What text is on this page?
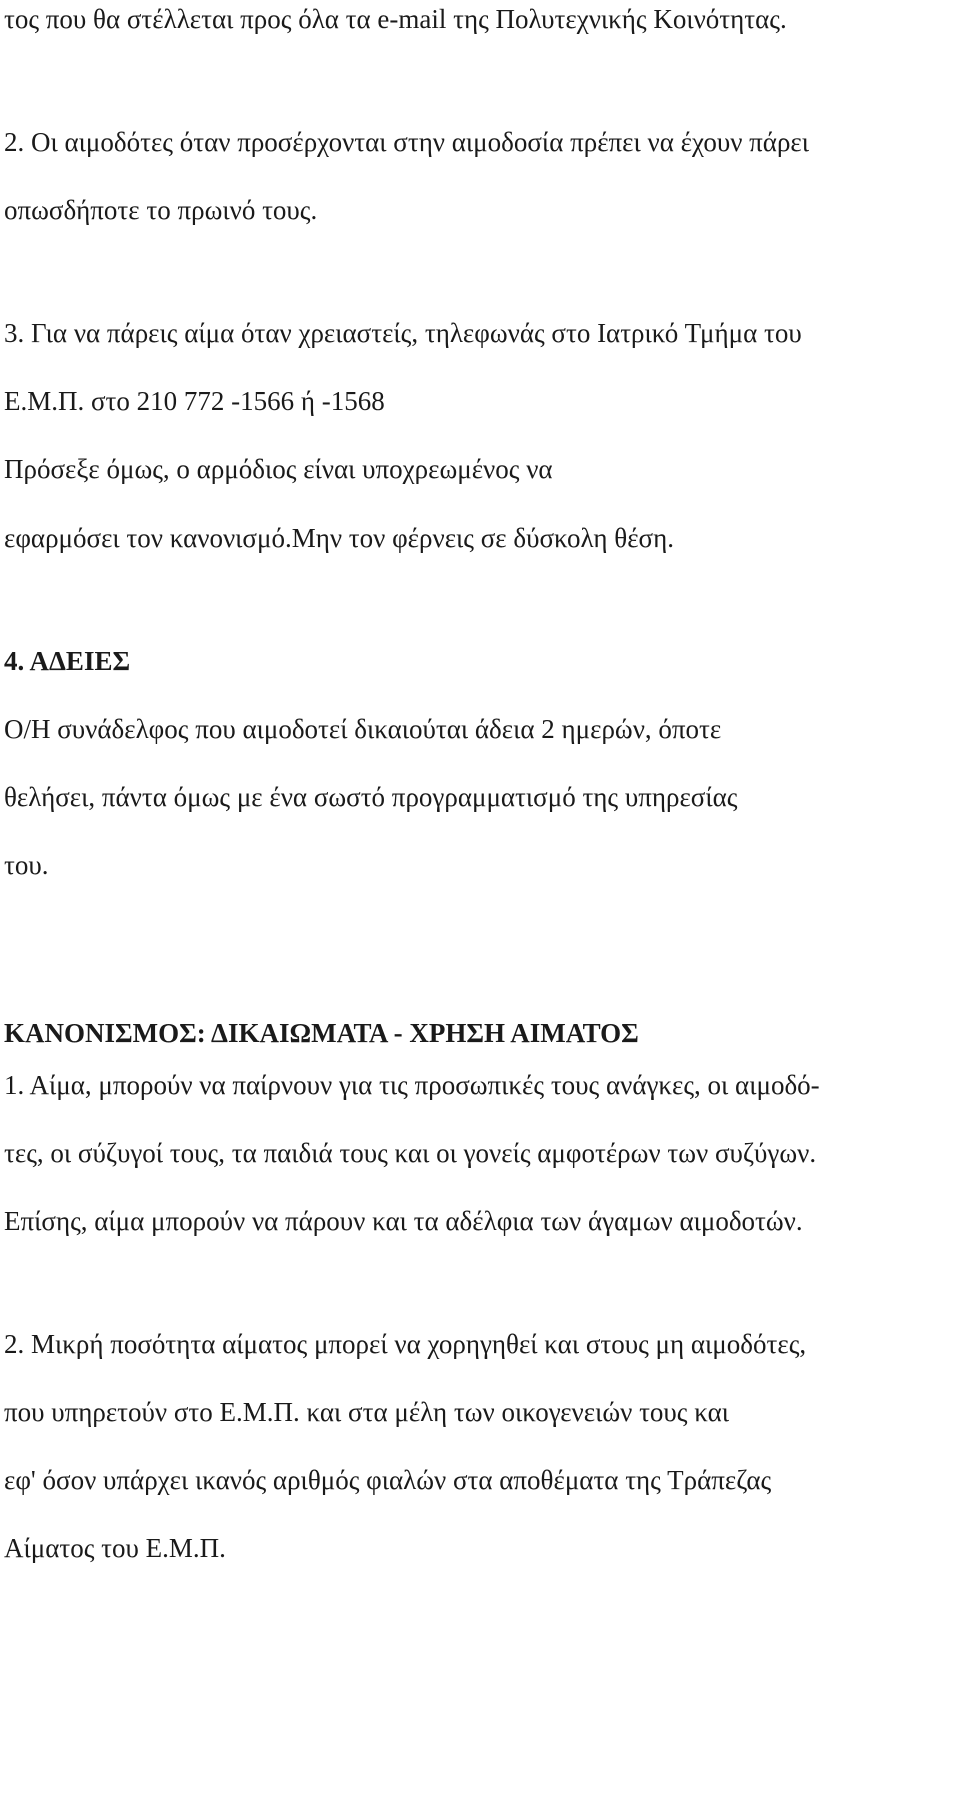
τος που θα στέλλεται προς όλα τα e-mail της Πολυτεχνικής Κοινότητας.
2. Οι αιμοδότες όταν προσέρχονται στην αιμοδοσία πρέπει να έχουν πάρει
οπωσδήποτε το πρωινό τους.
3. Για να πάρεις αίμα όταν χρειαστείς, τηλεφωνάς στο Ιατρικό Τμήμα του
Ε.Μ.Π. στο 210 772 -1566 ή -1568
Πρόσεξε όμως, ο αρμόδιος είναι υποχρεωμένος να
εφαρμόσει τον κανονισμό.Μην τον φέρνεις σε δύσκολη θέση.
4. ΑΔΕΙΕΣ
Ο/Η συνάδελφος που αιμοδοτεί δικαιούται άδεια 2 ημερών, όποτε
θελήσει, πάντα όμως με ένα σωστό προγραμματισμό της υπηρεσίας
του.
ΚΑΝΟΝΙΣΜΟΣ: ΔΙΚΑΙΩΜΑΤΑ - ΧΡΗΣΗ ΑΙΜΑΤΟΣ
1. Αίμα, μπορούν να παίρνουν για τις προσωπικές τους ανάγκες, οι αιμοδό-
τες, οι σύζυγοί τους, τα παιδιά τους και οι γονείς αμφοτέρων των συζύγων.
Επίσης, αίμα μπορούν να πάρουν και τα αδέλφια των άγαμων αιμοδοτών.
2. Μικρή ποσότητα αίματος μπορεί να χορηγηθεί και στους μη αιμοδότες,
που υπηρετούν στο Ε.Μ.Π. και στα μέλη των οικογενειών τους και
εφ' όσον υπάρχει ικανός αριθμός φιαλών στα αποθέματα της Τράπεζας
Αίματος του Ε.Μ.Π.
